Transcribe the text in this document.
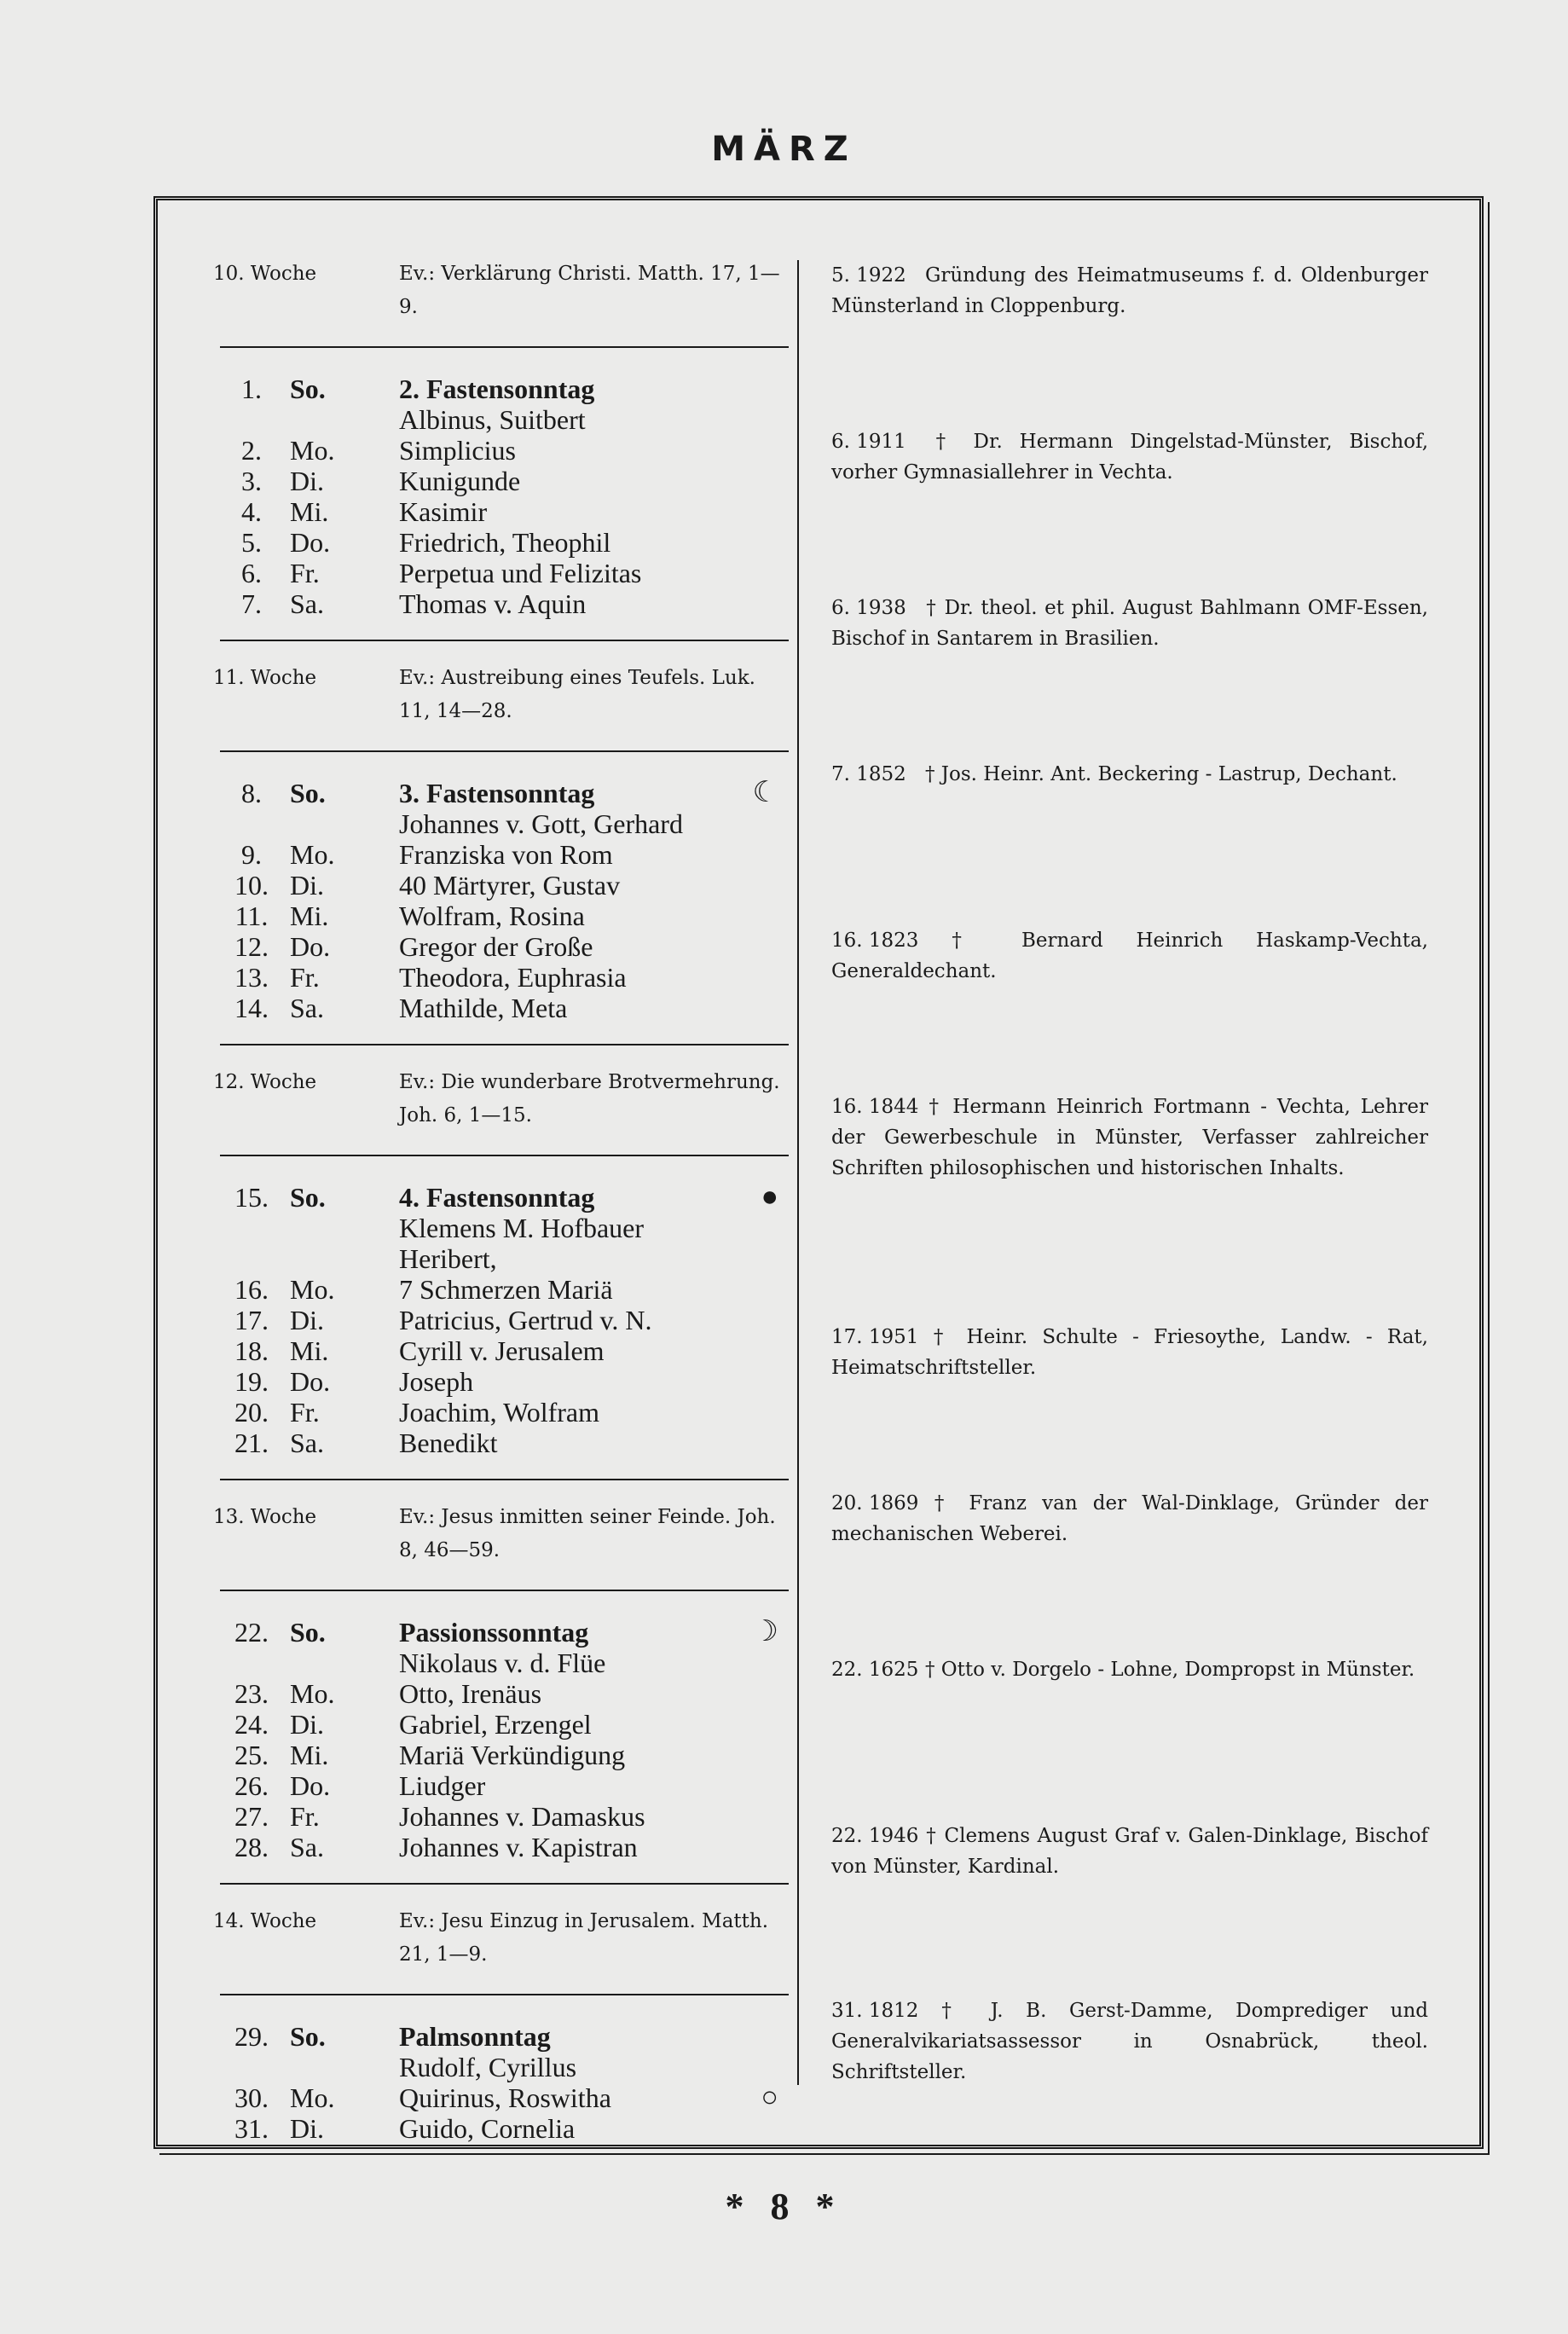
MÄRZ
10. Woche	Ev.: Verklärung Christi. Matth. 17, 1—9.
1.	So.	2. Fastensonntag
Albinus, Suitbert
2.	Mo.	Simplicius
3.	Di.	Kunigunde
4.	Mi.	Kasimir
5.	Do.	Friedrich, Theophil
6.	Fr.	Perpetua und Felizitas
7.	Sa.	Thomas v. Aquin
11. Woche	Ev.: Austreibung eines Teufels. Luk. 11, 14—28.
8.	So.	3. Fastensonntag	☾
Johannes v. Gott, Gerhard
9.	Mo.	Franziska von Rom
10. Di.	40 Märtyrer, Gustav
11. Mi.	Wolfram, Rosina
12. Do.	Gregor der Große
13. Fr.	Theodora, Euphrasia
14. Sa.	Mathilde, Meta
12. Woche	Ev.: Die wunderbare Brotvermehrung. Joh. 6, 1—15.
15. So.	4. Fastensonntag	●
Klemens M. Hofbauer
Heribert,
16. Mo.	7 Schmerzen Mariä
17. Di.	Patricius, Gertrud v. N.
18. Mi.	Cyrill v. Jerusalem
19. Do.	Joseph
20. Fr.	Joachim, Wolfram
21. Sa.	Benedikt
13. Woche	Ev.: Jesus inmitten seiner Feinde. Joh. 8, 46—59.
22. So.	Passionssonntag	☽
Nikolaus v. d. Flüe
23. Mo.	Otto, Irenäus
24. Di.	Gabriel, Erzengel
25. Mi.	Mariä Verkündigung
26. Do.	Liudger
27. Fr.	Johannes v. Damaskus
28. Sa.	Johannes v. Kapistran
14. Woche	Ev.: Jesu Einzug in Jerusalem. Matth. 21, 1—9.
29. So.	Palmsonntag
Rudolf, Cyrillus
30. Mo.	Quirinus, Roswitha	○
31. Di.	Guido, Cornelia
5. 1922 Gründung des Heimatmuseums f. d. Oldenburger Münsterland in Cloppenburg.
6. 1911 † Dr. Hermann Dingelstad-Münster, Bischof, vorher Gymnasiallehrer in Vechta.
6. 1938 † Dr. theol. et phil. August Bahlmann OMF-Essen, Bischof in Santarem in Brasilien.
7. 1852 † Jos. Heinr. Ant. Beckering - Lastrup, Dechant.
16. 1823 † Bernard Heinrich Haskamp-Vechta, Generaldechant.
16. 1844 † Hermann Heinrich Fortmann - Vechta, Lehrer der Gewerbeschule in Münster, Verfasser zahlreicher Schriften philosophischen und historischen Inhalts.
17. 1951 † Heinr. Schulte - Friesoythe, Landw. - Rat, Heimatschriftsteller.
20. 1869 † Franz van der Wal-Dinklage, Gründer der mechanischen Weberei.
22. 1625 † Otto v. Dorgelo - Lohne, Dompropst in Münster.
22. 1946 † Clemens August Graf v. Galen-Dinklage, Bischof von Münster, Kardinal.
31. 1812 † J. B. Gerst-Damme, Domprediger und Generalvikariatsassessor in Osnabrück, theol. Schriftsteller.
* 8 *
